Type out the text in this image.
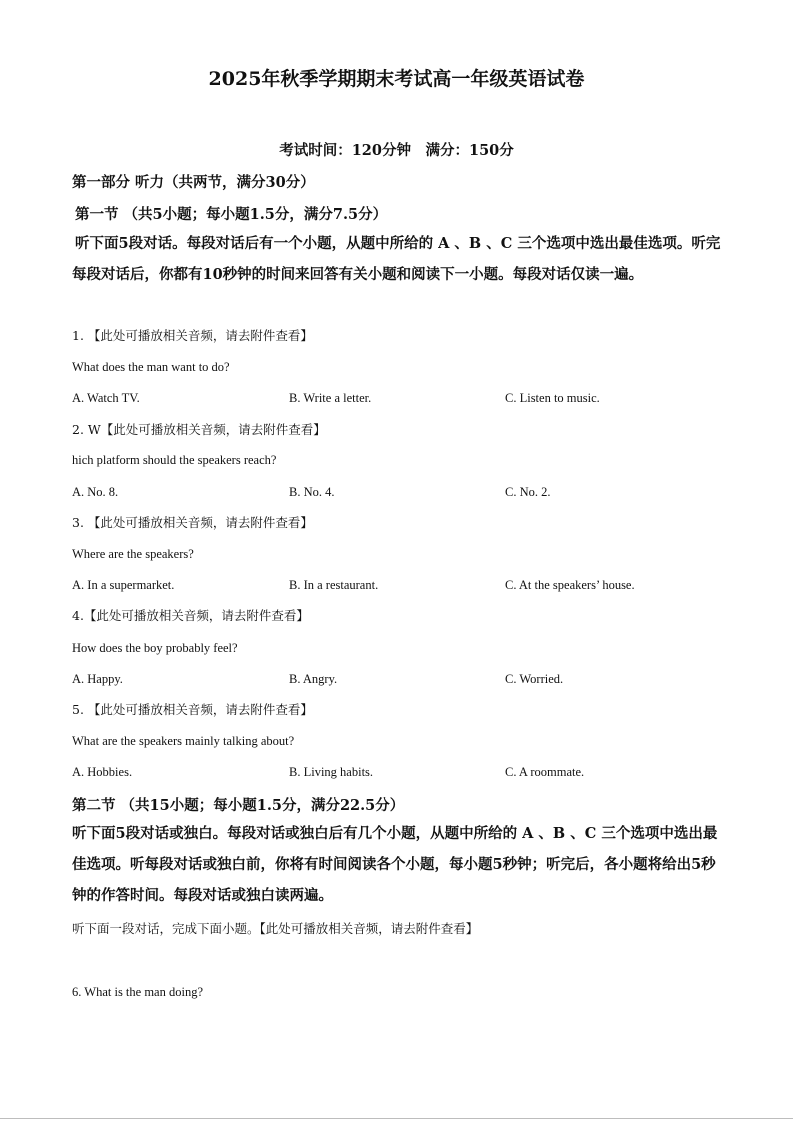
2025年秋季学期期末考试高一年级英语试卷
考试时间：120分钟　满分：150分
第一部分 听力（共两节，满分30分）
第一节 （共5小题；每小题1.5分，满分7.5分）
听下面5段对话。每段对话后有一个小题，从题中所给的 A 、B 、C 三个选项中选出最佳选项。听完每段对话后，你都有10秒钟的时间来回答有关小题和阅读下一小题。每段对话仅读一遍。
1. 【此处可播放相关音频，请去附件查看】
What does the man want to do?
A. Watch TV.	B. Write a letter.	C. Listen to music.
2. W【此处可播放相关音频，请去附件查看】
hich platform should the speakers reach?
A. No. 8.	B. No. 4.	C. No. 2.
3. 【此处可播放相关音频，请去附件查看】
Where are the speakers?
A. In a supermarket.	B. In a restaurant.	C. At the speakers’ house.
4.【此处可播放相关音频，请去附件查看】
How does the boy probably feel?
A. Happy.	B. Angry.	C. Worried.
5. 【此处可播放相关音频，请去附件查看】
What are the speakers mainly talking about?
A. Hobbies.	B. Living habits.	C. A roommate.
第二节 （共15小题；每小题1.5分，满分22.5分）
听下面5段对话或独白。每段对话或独白后有几个小题，从题中所给的 A 、B 、C 三个选项中选出最佳选项。听每段对话或独白前，你将有时间阅读各个小题，每小题5秒钟；听完后，各小题将给出5秒钟的作答时间。每段对话或独白读两遍。
听下面一段对话，完成下面小题。【此处可播放相关音频，请去附件查看】
6. What is the man doing?
